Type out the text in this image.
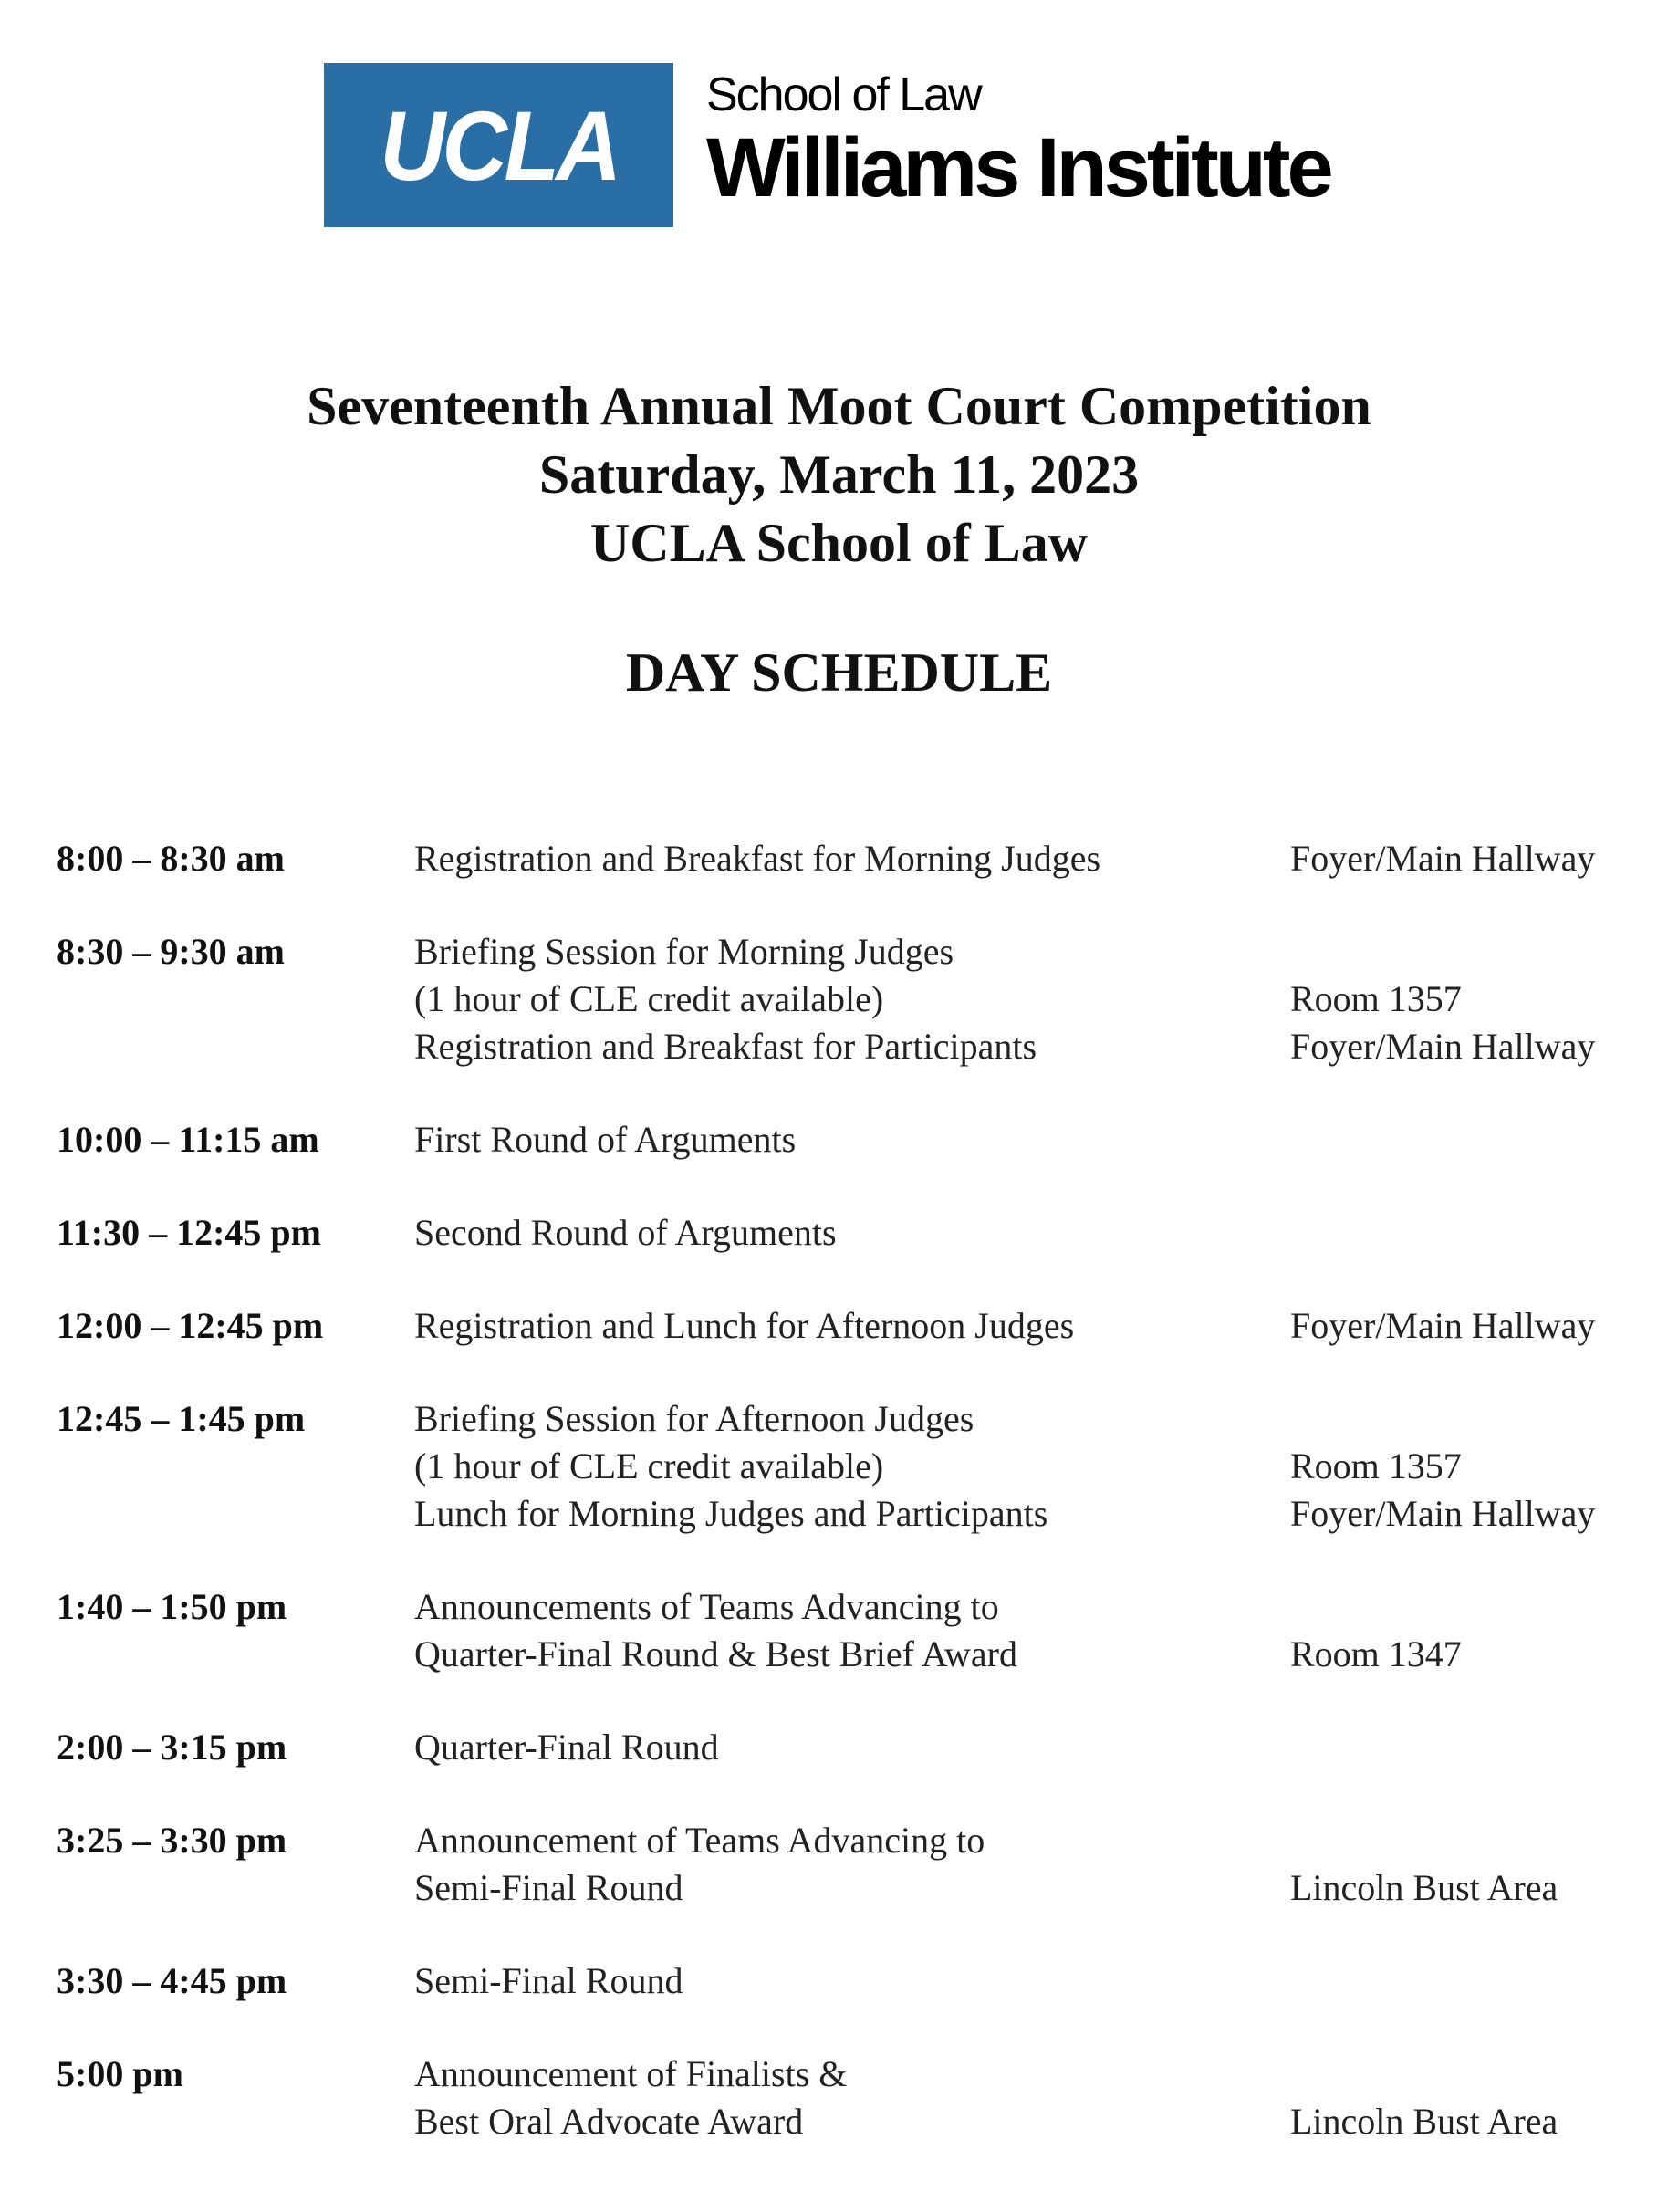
UCLA School of Law
Williams Institute
Seventeenth Annual Moot Court Competition
Saturday, March 11, 2023
UCLA School of Law
DAY SCHEDULE
8:00 – 8:30 am	Registration and Breakfast for Morning Judges	Foyer/Main Hallway
8:30 – 9:30 am	Briefing Session for Morning Judges
(1 hour of CLE credit available)	Room 1357
Registration and Breakfast for Participants	Foyer/Main Hallway
10:00 – 11:15 am	First Round of Arguments
11:30 – 12:45 pm	Second Round of Arguments
12:00 – 12:45 pm	Registration and Lunch for Afternoon Judges	Foyer/Main Hallway
12:45 – 1:45 pm	Briefing Session for Afternoon Judges
(1 hour of CLE credit available)	Room 1357
Lunch for Morning Judges and Participants	Foyer/Main Hallway
1:40 – 1:50 pm	Announcements of Teams Advancing to
Quarter-Final Round & Best Brief Award	Room 1347
2:00 – 3:15 pm	Quarter-Final Round
3:25 – 3:30 pm	Announcement of Teams Advancing to
Semi-Final Round	Lincoln Bust Area
3:30 – 4:45 pm	Semi-Final Round
5:00 pm	Announcement of Finalists &
Best Oral Advocate Award	Lincoln Bust Area
